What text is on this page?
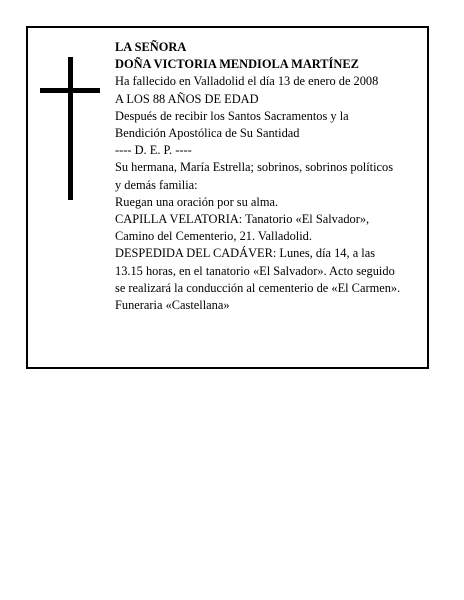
LA SEÑORA
DOÑA VICTORIA MENDIOLA MARTÍNEZ
Ha fallecido en Valladolid el día 13 de enero de 2008
A LOS 88 AÑOS DE EDAD
Después de recibir los Santos Sacramentos y la
Bendición Apostólica de Su Santidad
---- D. E. P. ----
Su hermana, María Estrella; sobrinos, sobrinos políticos
y demás familia:
Ruegan una oración por su alma.
CAPILLA VELATORIA: Tanatorio «El Salvador»,
Camino del Cementerio, 21. Valladolid.
DESPEDIDA DEL CADÁVER: Lunes, día 14, a las
13.15 horas, en el tanatorio «El Salvador». Acto seguido
se realizará la conducción al cementerio de «El Carmen».
Funeraria «Castellana»
